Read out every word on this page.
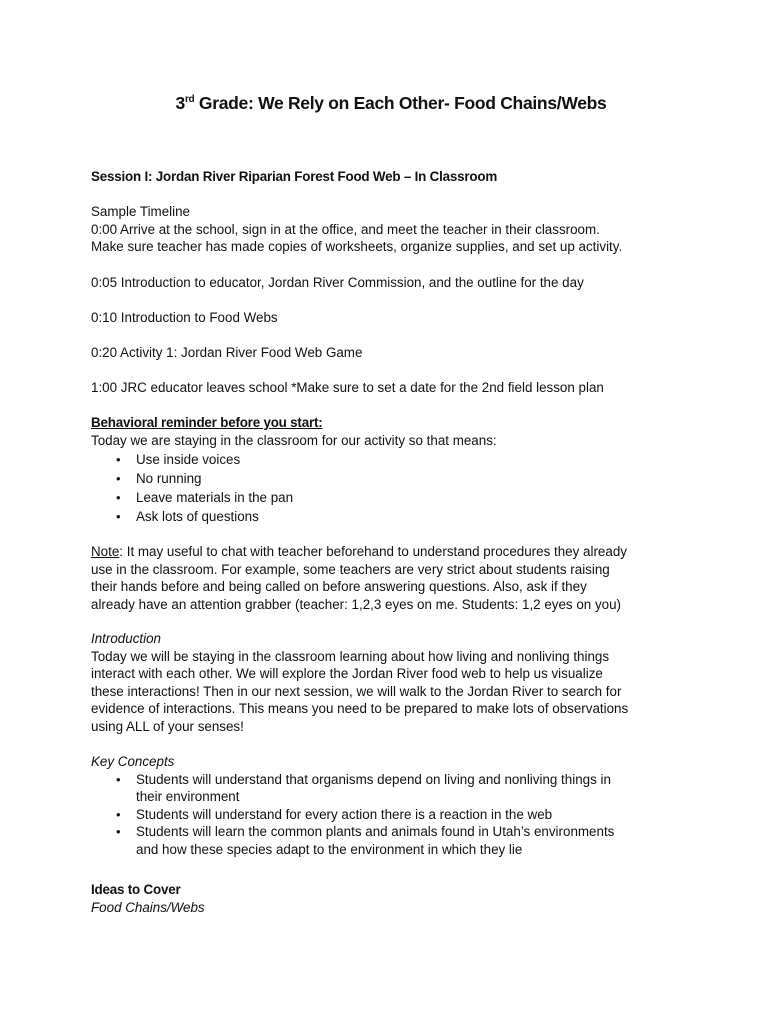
3rd Grade: We Rely on Each Other- Food Chains/Webs
Session I: Jordan River Riparian Forest Food Web – In Classroom

Sample Timeline

0:00 Arrive at the school, sign in at the office, and meet the teacher in their classroom.

Make sure teacher has made copies of worksheets, organize supplies, and set up activity.

0:05 Introduction to educator, Jordan River Commission, and the outline for the day
0:10 Introduction to Food Webs
0:20 Activity 1: Jordan River Food Web Game
1:00 JRC educator leaves school *Make sure to set a date for the 2nd field lesson plan

Behavioral reminder before you start:

Today we are staying in the classroom for our activity so that means:

• Use inside voices
• No running
• Leave materials in the pan
• Ask lots of questions

Note: It may useful to chat with teacher beforehand to understand procedures they already

use in the classroom. For example, some teachers are very strict about students raising

their hands before and being called on before answering questions. Also, ask if they

already have an attention grabber (teacher: 1,2,3 eyes on me. Students: 1,2 eyes on you)

Introduction

Today we will be staying in the classroom learning about how living and nonliving things

interact with each other. We will explore the Jordan River food web to help us visualize

these interactions! Then in our next session, we will walk to the Jordan River to search for

evidence of interactions. This means you need to be prepared to make lots of observations

using ALL of your senses!

Key Concepts

• Students will understand that organisms depend on living and nonliving things in
their environment
• Students will understand for every action there is a reaction in the web
• Students will learn the common plants and animals found in Utah’s environments
and how these species adapt to the environment in which they lie

Ideas to Cover

Food Chains/Webs
